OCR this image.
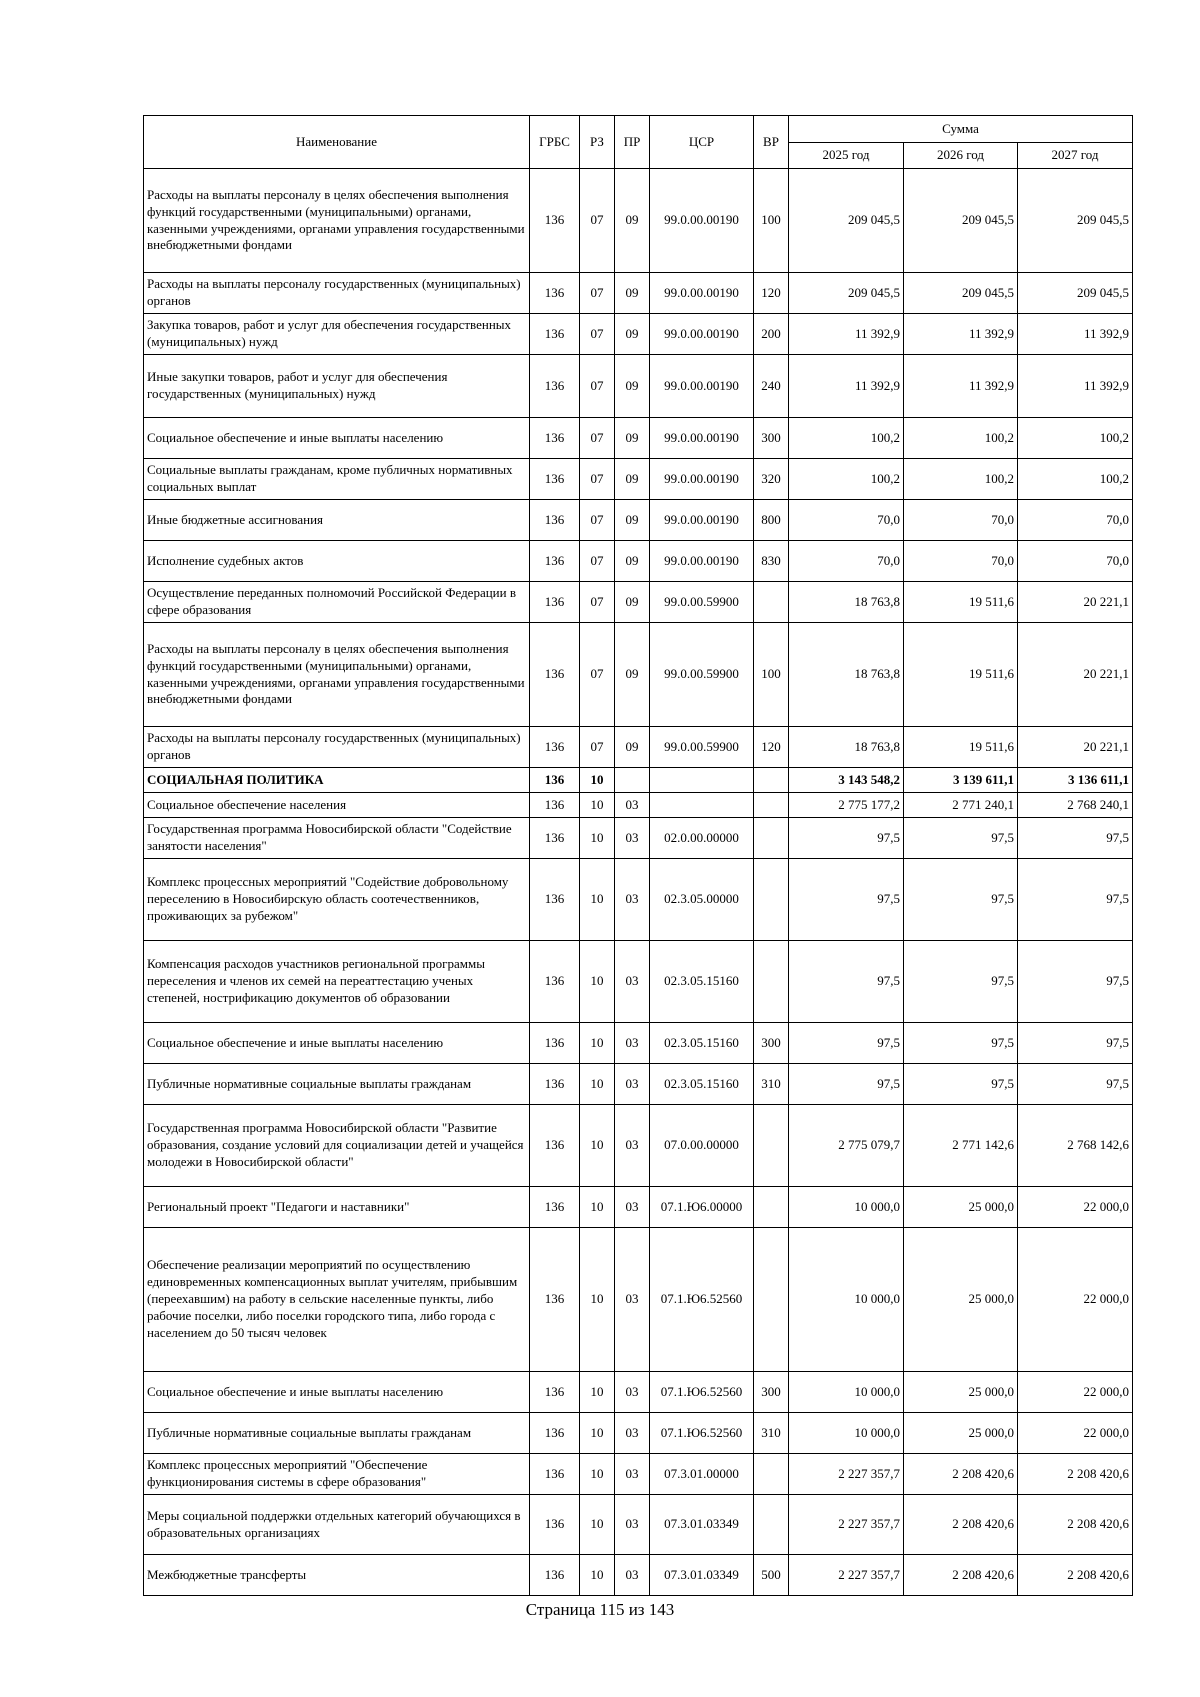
Наименование	ГРБС	РЗ	ПР	ЦСР	ВР	Сумма		
						2025 год	2026 год	2027 год
Расходы на выплаты персоналу в целях обеспечения выполнения функций государственными (муниципальными) органами, казенными учреждениями, органами управления государственными внебюджетными фондами	136	07	09	99.0.00.00190	100	209 045,5	209 045,5	209 045,5
Расходы на выплаты персоналу государственных (муниципальных) органов	136	07	09	99.0.00.00190	120	209 045,5	209 045,5	209 045,5
Закупка товаров, работ и услуг для обеспечения государственных (муниципальных) нужд	136	07	09	99.0.00.00190	200	11 392,9	11 392,9	11 392,9
Иные закупки товаров, работ и услуг для обеспечения государственных (муниципальных) нужд	136	07	09	99.0.00.00190	240	11 392,9	11 392,9	11 392,9
Социальное обеспечение и иные выплаты населению	136	07	09	99.0.00.00190	300	100,2	100,2	100,2
Социальные выплаты гражданам, кроме публичных нормативных социальных выплат	136	07	09	99.0.00.00190	320	100,2	100,2	100,2
Иные бюджетные ассигнования	136	07	09	99.0.00.00190	800	70,0	70,0	70,0
Исполнение судебных актов	136	07	09	99.0.00.00190	830	70,0	70,0	70,0
Осуществление переданных полномочий Российской Федерации в сфере образования	136	07	09	99.0.00.59900		18 763,8	19 511,6	20 221,1
Расходы на выплаты персоналу в целях обеспечения выполнения функций государственными (муниципальными) органами, казенными учреждениями, органами управления государственными внебюджетными фондами	136	07	09	99.0.00.59900	100	18 763,8	19 511,6	20 221,1
Расходы на выплаты персоналу государственных (муниципальных) органов	136	07	09	99.0.00.59900	120	18 763,8	19 511,6	20 221,1
СОЦИАЛЬНАЯ ПОЛИТИКА	136	10				3 143 548,2	3 139 611,1	3 136 611,1
Социальное обеспечение населения	136	10	03			2 775 177,2	2 771 240,1	2 768 240,1
Государственная программа Новосибирской области "Содействие занятости населения"	136	10	03	02.0.00.00000		97,5	97,5	97,5
Комплекс процессных мероприятий "Содействие добровольному переселению в Новосибирскую область соотечественников, проживающих за рубежом"	136	10	03	02.3.05.00000		97,5	97,5	97,5
Компенсация расходов участников региональной программы переселения и членов их семей на переаттестацию ученых степеней, нострификацию документов об образовании	136	10	03	02.3.05.15160		97,5	97,5	97,5
Социальное обеспечение и иные выплаты населению	136	10	03	02.3.05.15160	300	97,5	97,5	97,5
Публичные нормативные социальные выплаты гражданам	136	10	03	02.3.05.15160	310	97,5	97,5	97,5
Государственная программа Новосибирской области "Развитие образования, создание условий для социализации детей и учащейся молодежи в Новосибирской области"	136	10	03	07.0.00.00000		2 775 079,7	2 771 142,6	2 768 142,6
Региональный проект "Педагоги и наставники"	136	10	03	07.1.Ю6.00000		10 000,0	25 000,0	22 000,0
Обеспечение реализации мероприятий по осуществлению единовременных компенсационных выплат учителям, прибывшим (переехавшим) на работу в сельские населенные пункты, либо рабочие поселки, либо поселки городского типа, либо города с населением до 50 тысяч человек	136	10	03	07.1.Ю6.52560		10 000,0	25 000,0	22 000,0
Социальное обеспечение и иные выплаты населению	136	10	03	07.1.Ю6.52560	300	10 000,0	25 000,0	22 000,0
Публичные нормативные социальные выплаты гражданам	136	10	03	07.1.Ю6.52560	310	10 000,0	25 000,0	22 000,0
Комплекс процессных мероприятий "Обеспечение функционирования системы в сфере образования"	136	10	03	07.3.01.00000		2 227 357,7	2 208 420,6	2 208 420,6
Меры социальной поддержки отдельных категорий обучающихся в образовательных организациях	136	10	03	07.3.01.03349		2 227 357,7	2 208 420,6	2 208 420,6
Межбюджетные трансферты	136	10	03	07.3.01.03349	500	2 227 357,7	2 208 420,6	2 208 420,6
Страница 115 из 143
